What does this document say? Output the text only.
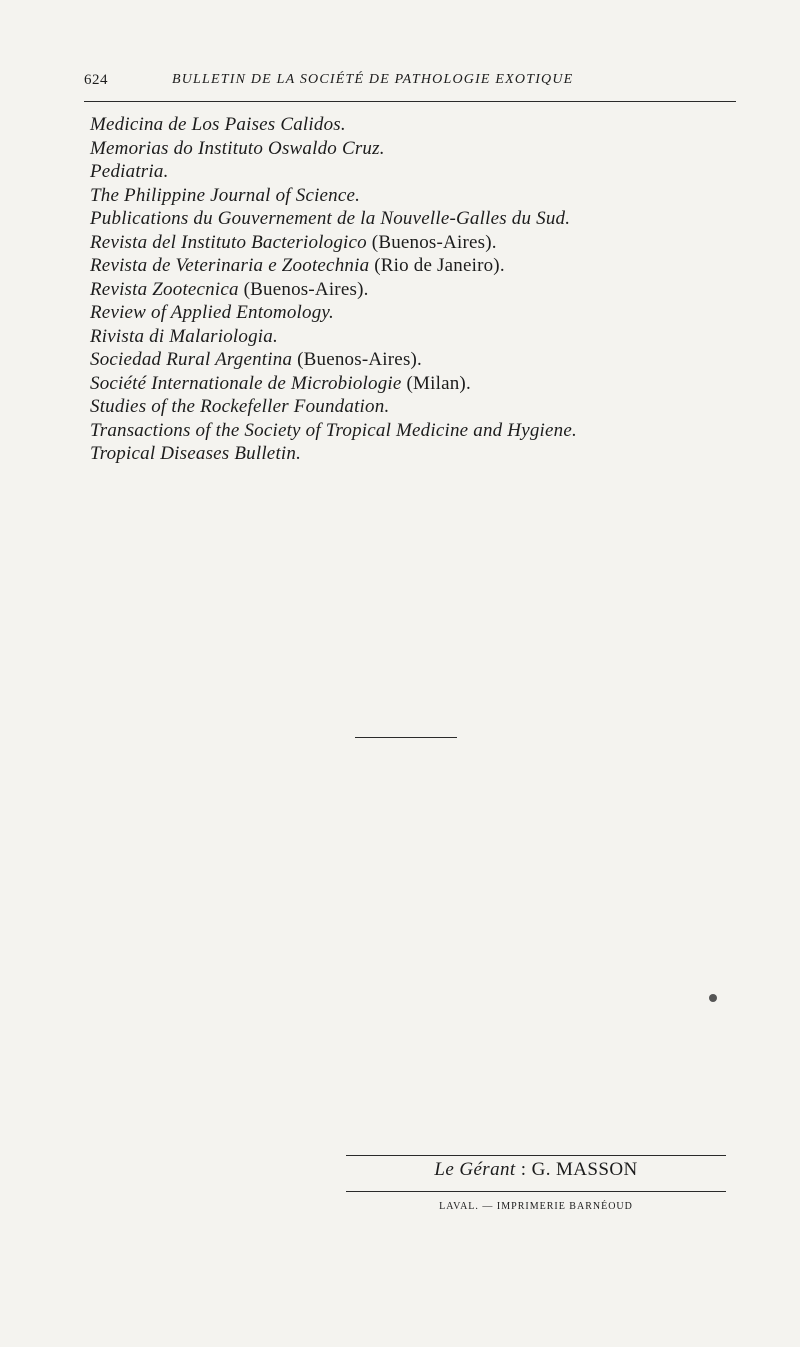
624	BULLETIN DE LA SOCIÉTÉ DE PATHOLOGIE EXOTIQUE
Medicina de Los Paises Calidos.
Memorias do Instituto Oswaldo Cruz.
Pediatria.
The Philippine Journal of Science.
Publications du Gouvernement de la Nouvelle-Galles du Sud.
Revista del Instituto Bacteriologico (Buenos-Aires).
Revista de Veterinaria e Zootechnia (Rio de Janeiro).
Revista Zootecnica (Buenos-Aires).
Review of Applied Entomology.
Rivista di Malariologia.
Sociedad Rural Argentina (Buenos-Aires).
Société Internationale de Microbiologie (Milan).
Studies of the Rockefeller Foundation.
Transactions of the Society of Tropical Medicine and Hygiene.
Tropical Diseases Bulletin.
Le Gérant : G. MASSON
LAVAL. — IMPRIMERIE BARNÉOUD
